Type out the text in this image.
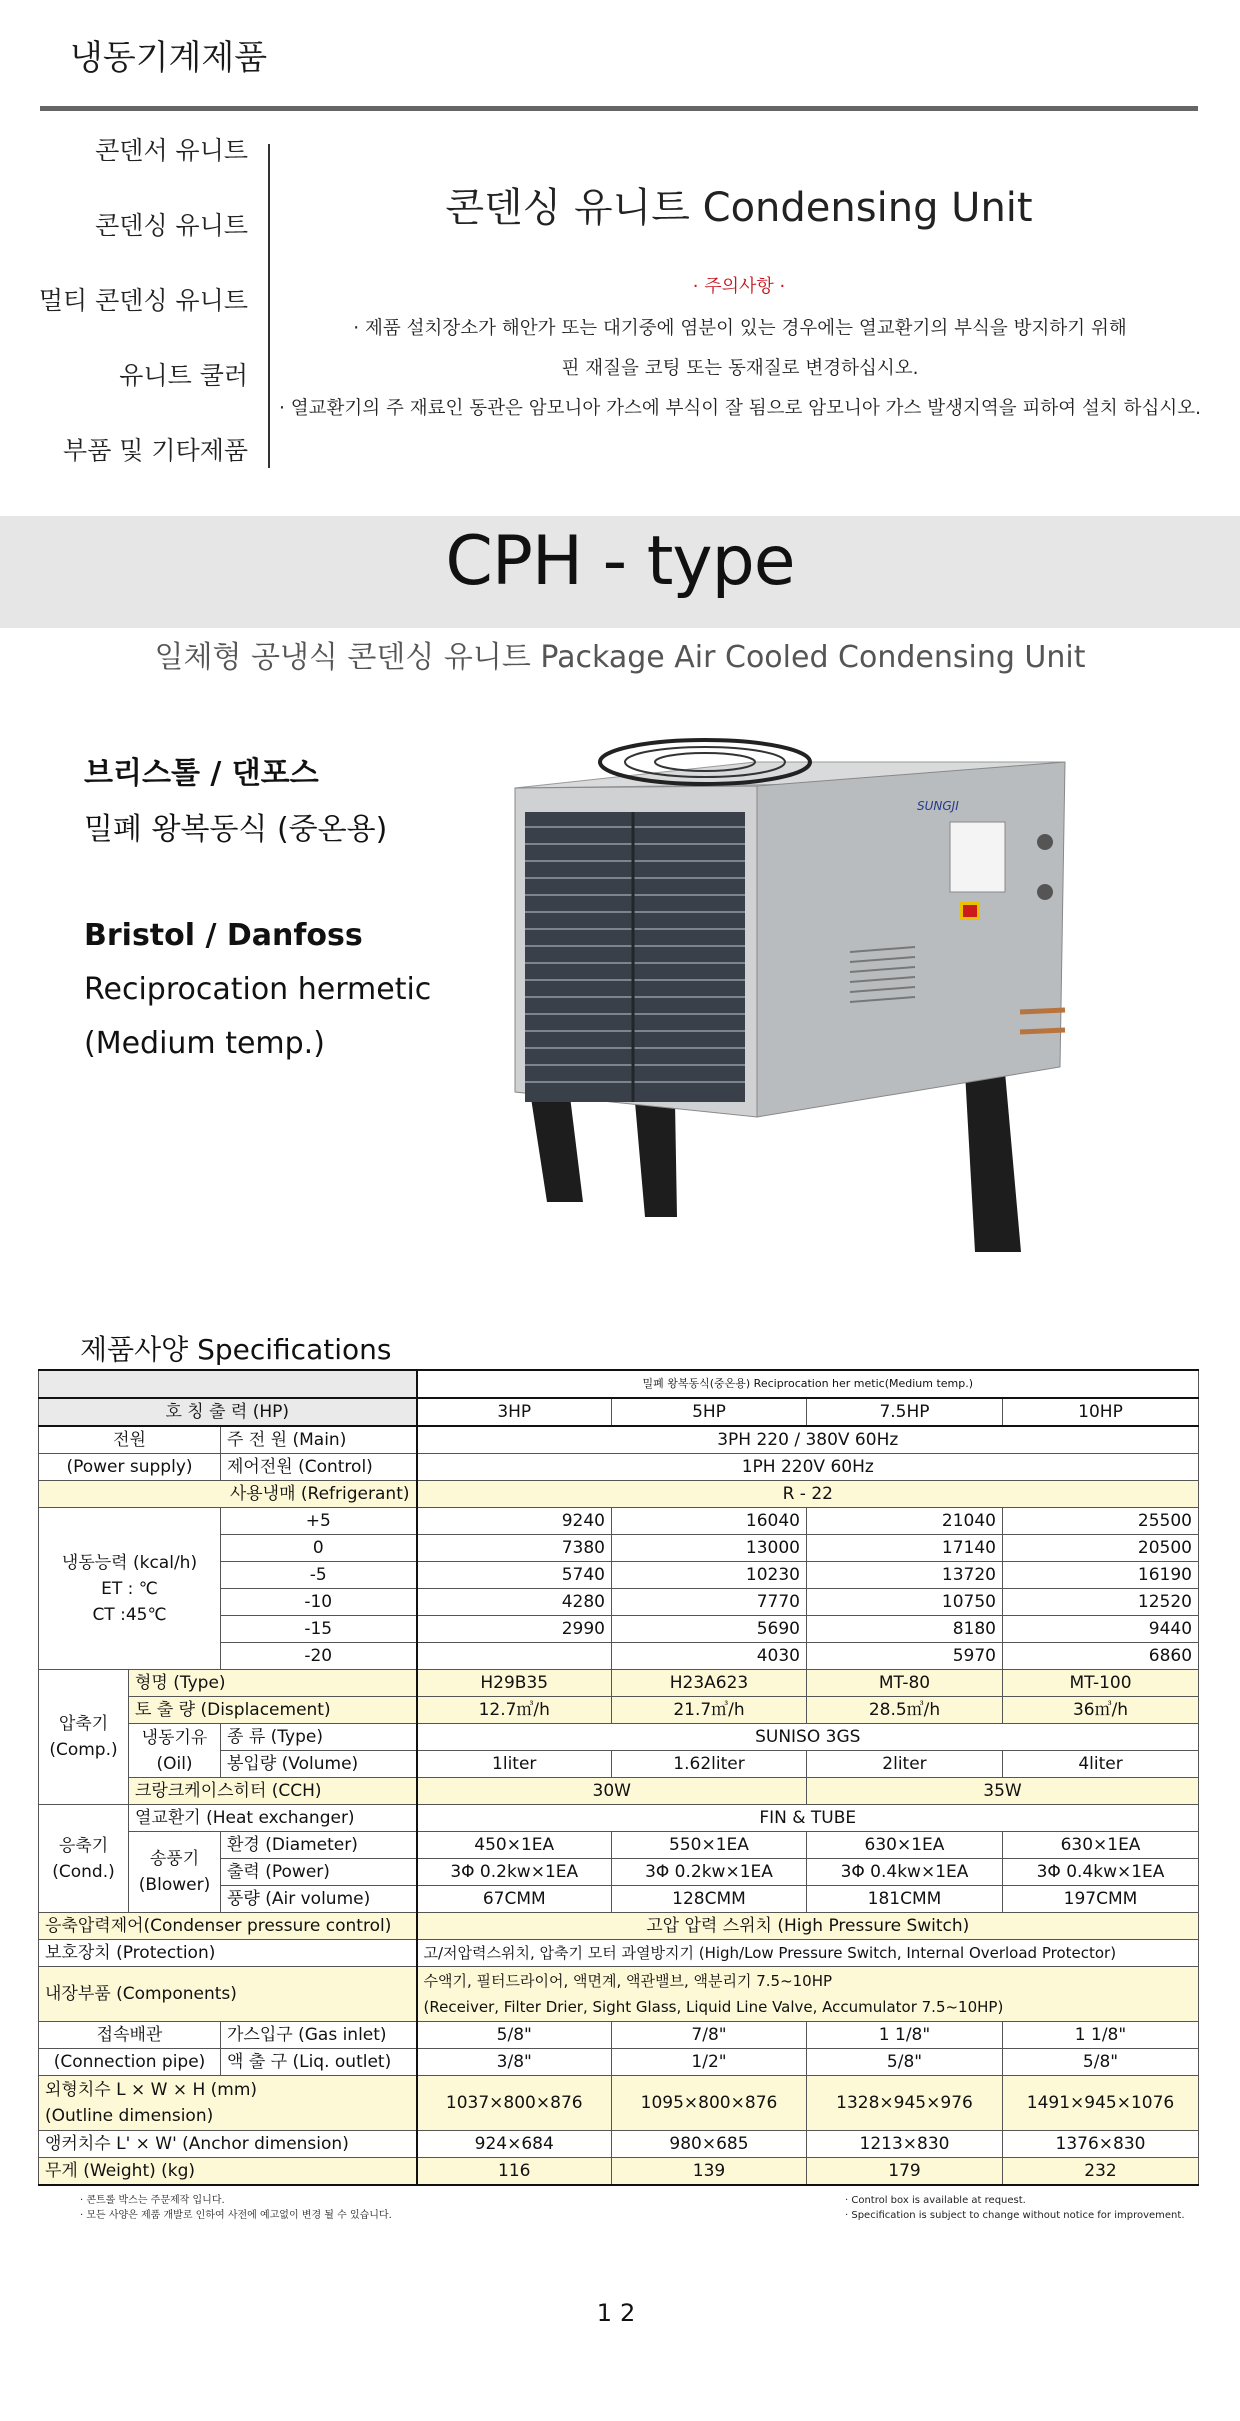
냉동기계제품
콘덴서 유니트
콘덴싱 유니트
멀티 콘덴싱 유니트
유니트 쿨러
부품 및 기타제품
콘덴싱 유니트 Condensing Unit
· 주의사항 ·
· 제품 설치장소가 해안가 또는 대기중에 염분이 있는 경우에는 열교환기의 부식을 방지하기 위해
핀 재질을 코팅 또는 동재질로 변경하십시오.
· 열교환기의 주 재료인 동관은 암모니아 가스에 부식이 잘 됨으로 암모니아 가스 발생지역을 피하여 설치 하십시오.
CPH - type
일체형 공냉식 콘덴싱 유니트 Package Air Cooled Condensing Unit
브리스톨 / 댄포스
밀폐 왕복동식 (중온용)
Bristol / Danfoss
Reciprocation hermetic
(Medium temp.)
SUNGJI
제품사양 Specifications
			밀폐 왕복동식(중온용) Reciprocation her metic(Medium temp.)			
호 칭 출 력 (HP)			3HP	5HP	7.5HP	10HP
전원		주 전 원 (Main)	3PH 220 / 380V 60Hz			
(Power supply)		제어전원 (Control)	1PH 220V 60Hz			
사용냉매 (Refrigerant)			R - 22			

냉동능력 (kcal/h)
ET : ℃
CT :45℃		+5	9240	16040	21040	25500
		0	7380	13000	17140	20500
		-5	5740	10230	13720	16190
		-10	4280	7770	10750	12520
		-15	2990	5690	8180	9440
		-20		4030	5970	6860

압축기
(Comp.)	형명 (Type)		H29B35	H23A623	MT-80	MT-100
	토 출 량 (Displacement)		12.7㎥/h	21.7㎥/h	28.5㎥/h	36㎥/h

	냉동기유
(Oil)	종 류 (Type)	SUNISO 3GS			
		봉입량 (Volume)	1liter	1.62liter	2liter	4liter
	크랑크케이스히터 (CCH)		30W		35W	

응축기
(Cond.)	열교환기 (Heat exchanger)		FIN & TUBE			

	송풍기
(Blower)	환경 (Diameter)	450×1EA	550×1EA	630×1EA	630×1EA
		출력 (Power)	3Φ 0.2kw×1EA	3Φ 0.2kw×1EA	3Φ 0.4kw×1EA	3Φ 0.4kw×1EA
		풍량 (Air volume)	67CMM	128CMM	181CMM	197CMM
응축압력제어(Condenser pressure control)			고압 압력 스위치 (High Pressure Switch)			
보호장치 (Protection)			고/저압력스위치, 압축기 모터 과열방지기 (High/Low Pressure Switch, Internal Overload Protector)			
내장부품 (Components)			수액기, 필터드라이어, 액면계, 액관밸브, 액분리기 7.5~10HP
(Receiver, Filter Drier, Sight Glass, Liquid Line Valve, Accumulator 7.5~10HP)			

접속배관		가스입구 (Gas inlet)	5/8"	7/8"	1 1/8"	1 1/8"
(Connection pipe)		액 출 구 (Liq. outlet)	3/8"	1/2"	5/8"	5/8"

외형치수 L × W × H (mm)
(Outline dimension)			1037×800×876	1095×800×876	1328×945×976	1491×945×1076
앵커치수 L' × W' (Anchor dimension)			924×684	980×685	1213×830	1376×830
무게 (Weight) (kg)			116	139	179	232
· 콘트롤 박스는 주문제작 입니다.
· 모든 사양은 제품 개발로 인하여 사전에 예고없이 변경 될 수 있습니다.
· Control box is available at request.
· Specification is subject to change without notice for improvement.
12
